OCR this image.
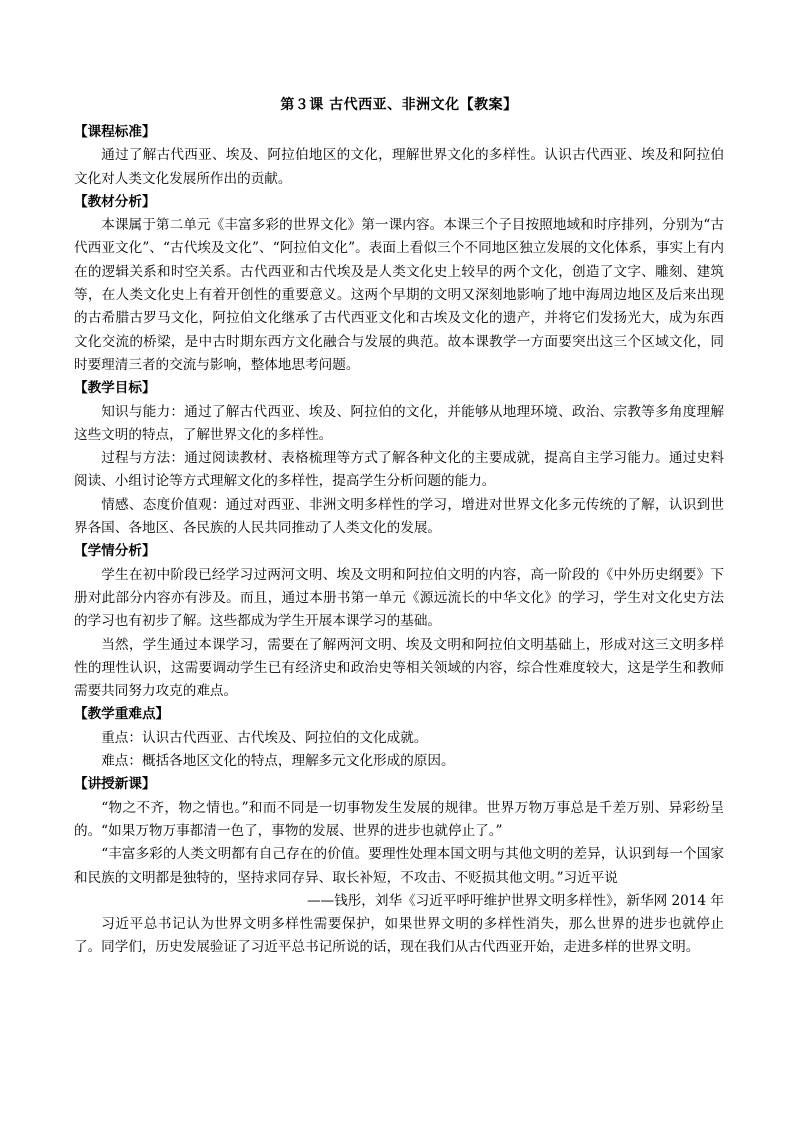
第３课 古代西亚、非洲文化【教案】
【课程标准】

通过了解古代西亚、埃及、阿拉伯地区的文化，理解世界文化的多样性。认识古代西亚、埃及和阿拉伯文化对人类文化发展所作出的贡献。

【教材分析】

本课属于第二单元《丰富多彩的世界文化》第一课内容。本课三个子目按照地域和时序排列，分别为“古代西亚文化”、“古代埃及文化”、“阿拉伯文化”。表面上看似三个不同地区独立发展的文化体系，事实上有内在的逻辑关系和时空关系。古代西亚和古代埃及是人类文化史上较早的两个文化，创造了文字、雕刻、建筑等，在人类文化史上有着开创性的重要意义。这两个早期的文明又深刻地影响了地中海周边地区及后来出现的古希腊古罗马文化，阿拉伯文化继承了古代西亚文化和古埃及文化的遗产，并将它们发扬光大，成为东西文化交流的桥梁，是中古时期东西方文化融合与发展的典范。故本课教学一方面要突出这三个区域文化，同时要理清三者的交流与影响，整体地思考问题。

【教学目标】

知识与能力：通过了解古代西亚、埃及、阿拉伯的文化，并能够从地理环境、政治、宗教等多角度理解这些文明的特点，了解世界文化的多样性。

过程与方法：通过阅读教材、表格梳理等方式了解各种文化的主要成就，提高自主学习能力。通过史料阅读、小组讨论等方式理解文化的多样性，提高学生分析问题的能力。

情感、态度价值观：通过对西亚、非洲文明多样性的学习，增进对世界文化多元传统的了解，认识到世界各国、各地区、各民族的人民共同推动了人类文化的发展。

【学情分析】

学生在初中阶段已经学习过两河文明、埃及文明和阿拉伯文明的内容，高一阶段的《中外历史纲要》下册对此部分内容亦有涉及。而且，通过本册书第一单元《源远流长的中华文化》的学习，学生对文化史方法的学习也有初步了解。这些都成为学生开展本课学习的基础。

当然，学生通过本课学习，需要在了解两河文明、埃及文明和阿拉伯文明基础上，形成对这三文明多样性的理性认识，这需要调动学生已有经济史和政治史等相关领域的内容，综合性难度较大，这是学生和教师需要共同努力攻克的难点。

【教学重难点】

重点：认识古代西亚、古代埃及、阿拉伯的文化成就。

难点：概括各地区文化的特点，理解多元文化形成的原因。

【讲授新课】

“物之不齐，物之情也。”和而不同是一切事物发生发展的规律。世界万物万事总是千差万别、异彩纷呈的。“如果万物万事都清一色了，事物的发展、世界的进步也就停止了。”

“丰富多彩的人类文明都有自己存在的价值。要理性处理本国文明与其他文明的差异，认识到每一个国家和民族的文明都是独特的，坚持求同存异、取长补短，不攻击、不贬损其他文明。”习近平说

——钱彤，刘华《习近平呼吁维护世界文明多样性》，新华网 2014 年

习近平总书记认为世界文明多样性需要保护，如果世界文明的多样性消失，那么世界的进步也就停止了。同学们，历史发展验证了习近平总书记所说的话，现在我们从古代西亚开始，走进多样的世界文明。
